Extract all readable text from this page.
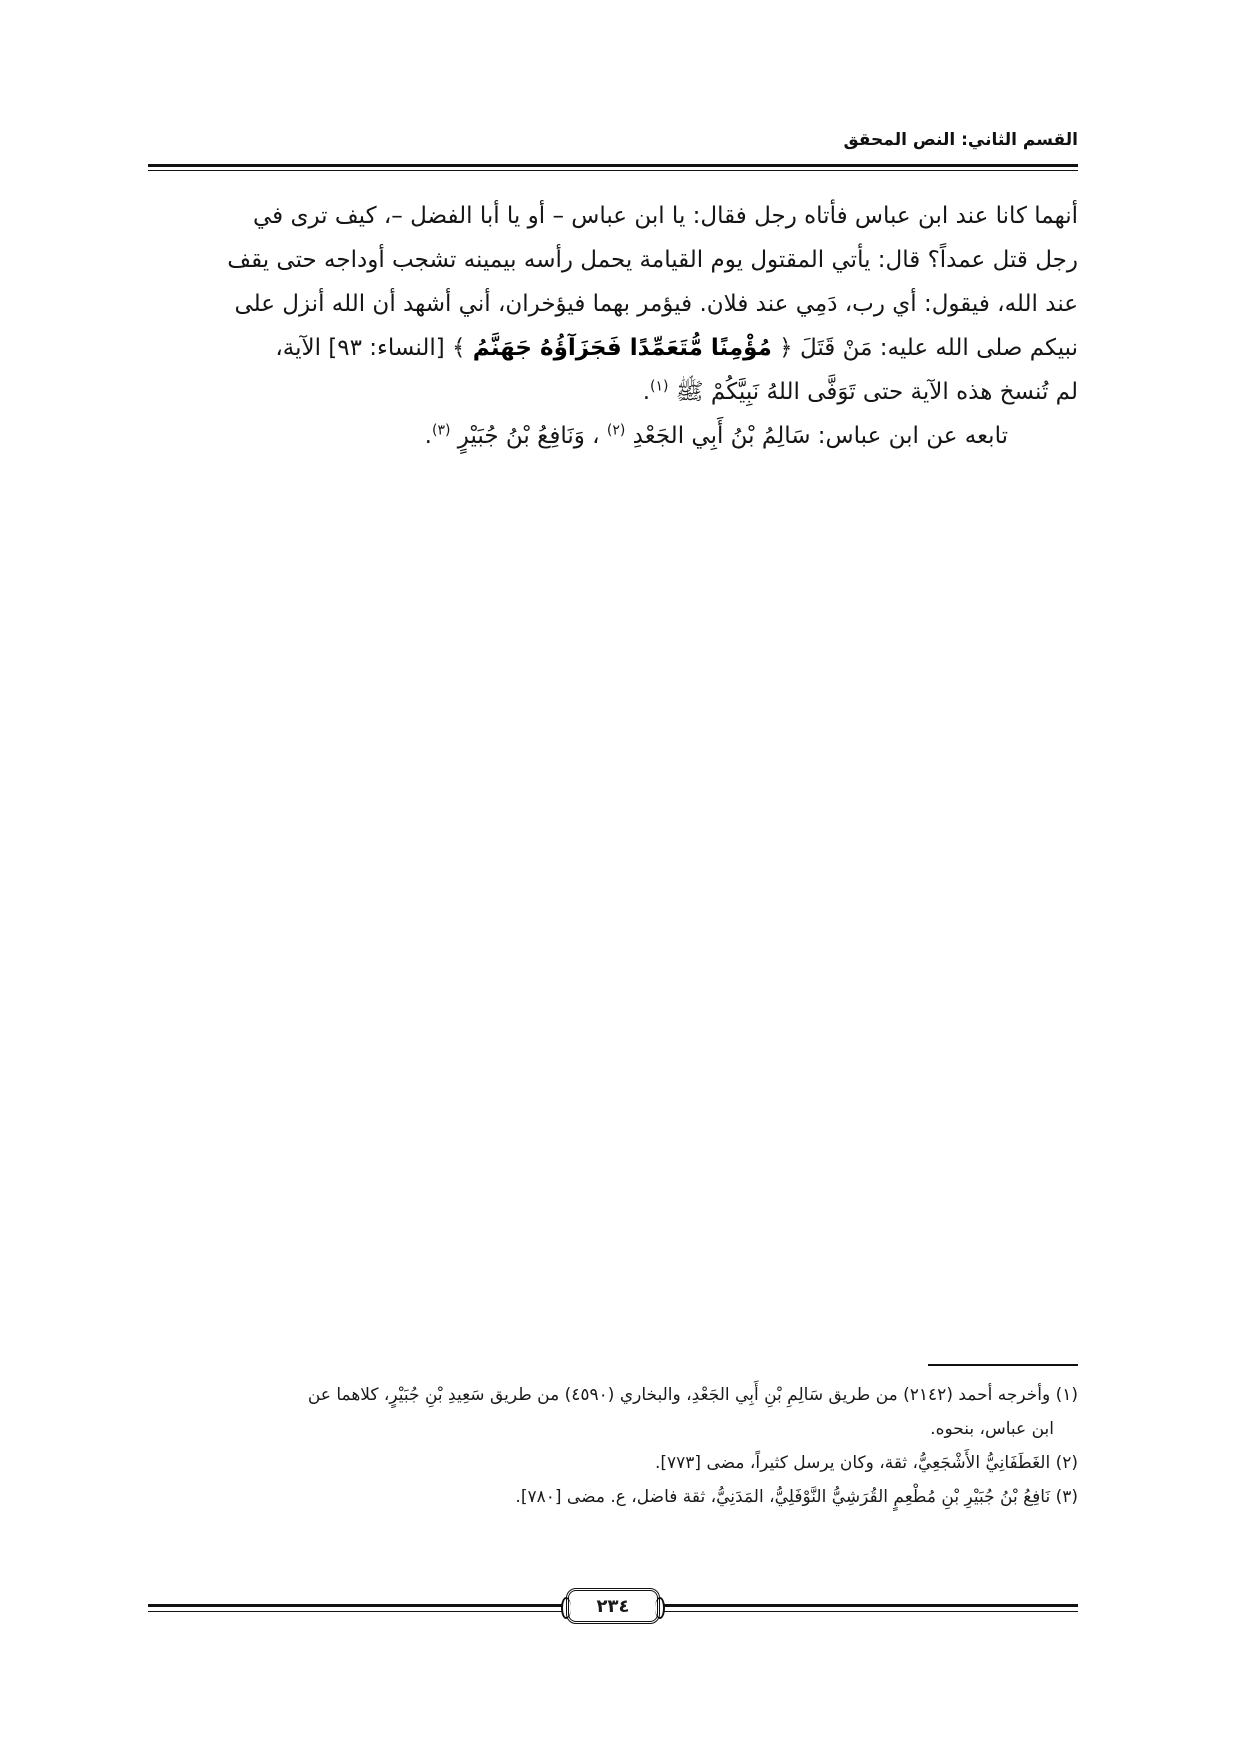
القسم الثاني: النص المحقق

أنهما كانا عند ابن عباس فأتاه رجل فقال: يا ابن عباس – أو يا أبا الفضل –، كيف ترى في

رجل قتل عمداً؟ قال: يأتي المقتول يوم القيامة يحمل رأسه بيمينه تشجب أوداجه حتى يقف

عند الله، فيقول: أي رب، دَمِي عند فلان. فيؤمر بهما فيؤخران، أني أشهد أن الله أنزل على

نبيكم صلى الله عليه: مَنْ قَتَلَ ﴿ مُؤْمِنًا مُّتَعَمِّدًا فَجَزَآؤُهُ جَهَنَّمُ ﴾ [النساء: ٩٣] الآية،

لم تُنسخ هذه الآية حتى تَوَفَّى اللهُ نَبِيَّكُمْ ﷺ $^{(١)}$.

تابعه عن ابن عباس: سَالِمُ بْنُ أَبِي الجَعْدِ $^{(٢)}$ ، وَنَافِعُ بْنُ جُبَيْرٍ $^{(٣)}$.

(١) وأخرجه أحمد (٢١٤٢) من طريق سَالِمِ بْنِ أَبِي الجَعْدِ، والبخاري (٤٥٩٠) من طريق سَعِيدِ بْنِ جُبَيْرٍ، كلاهما عن

ابن عباس، بنحوه.

(٢) الغَطَفَانِيُّ الأَشْجَعِيُّ، ثقة، وكان يرسل كثيراً، مضى [٧٧٣].

(٣) نَافِعُ بْنُ جُبَيْرِ بْنِ مُطْعِمٍ القُرَشِيُّ النَّوْفَلِيُّ، المَدَنِيُّ، ثقة فاضل، ع. مضى [٧٨٠].

٢٣٤
